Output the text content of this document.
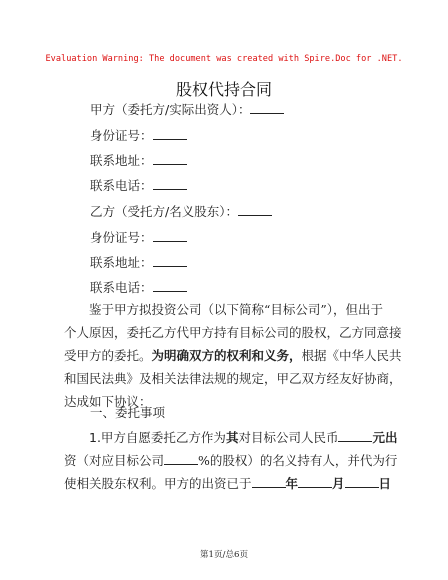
Evaluation Warning: The document was created with Spire.Doc for .NET.
股权代持合同
甲方（委托方/实际出资人）：
身份证号：
联系地址：
联系电话：
乙方（受托方/名义股东）：
身份证号：
联系地址：
联系电话：

鉴于甲方拟投资公司（以下简称“目标公司”），但出于

个人原因，委托乙方代甲方持有目标公司的股权，乙方同意接

受甲方的委托。为明确双方的权利和义务，根据《中华人民共

和国民法典》及相关法律法规的规定，甲乙双方经友好协商，

达成如下协议：

一、委托事项

1.甲方自愿委托乙方作为其对目标公司人民币	元出

资（对应目标公司	%的股权）的名义持有人，并代为行

使相关股东权利。甲方的出资已于	年	月	日

第1页/总6页
